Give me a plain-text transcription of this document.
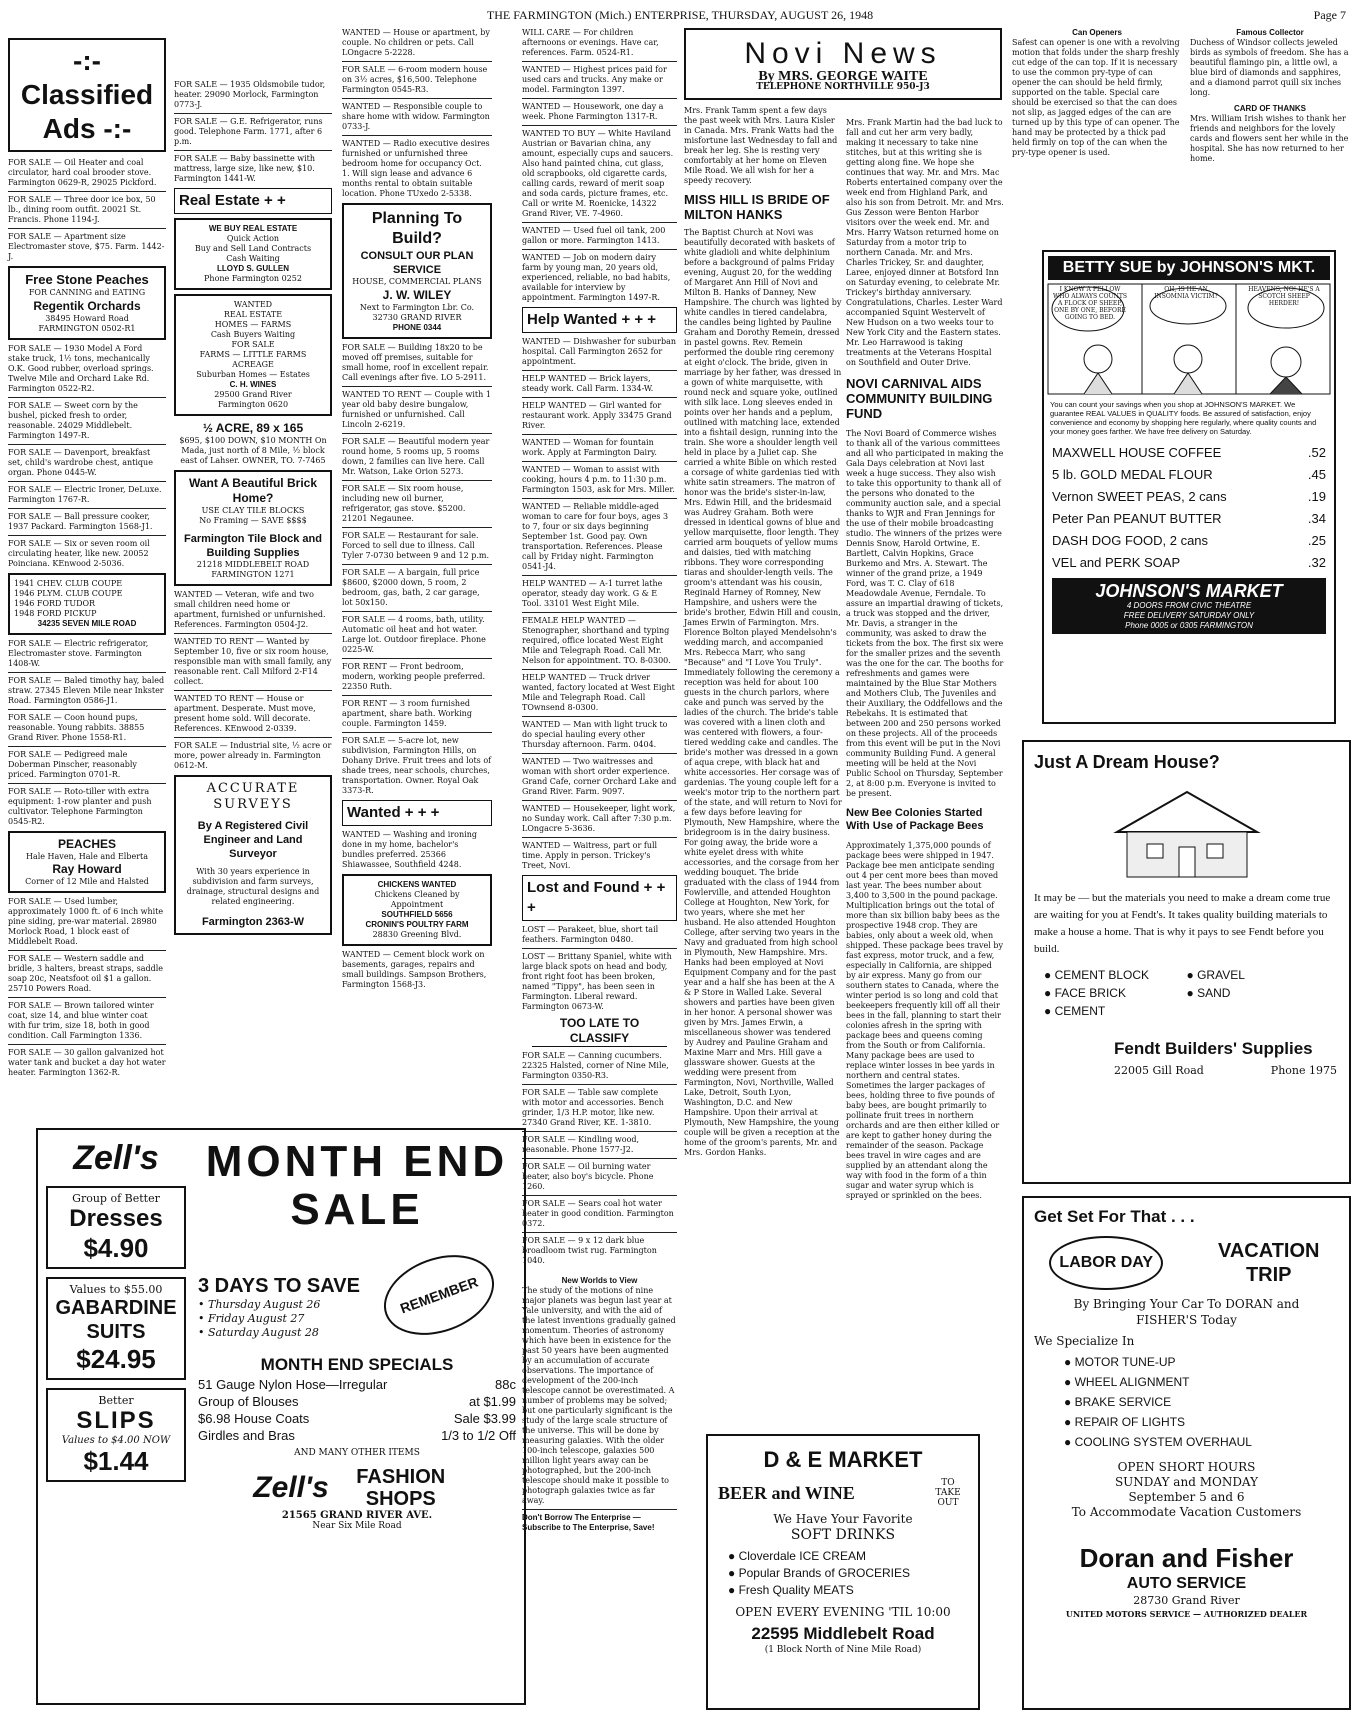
THE FARMINGTON (Mich.) ENTERPRISE, THURSDAY, AUGUST 26, 1948	Page 7
-:- Classified Ads -:-
FOR SALE — Oil Heater and coal circulator, hard coal brooder stove. Farmington 0629-R, 29025 Pickford.
FOR SALE — Three door ice box, 50 lb., dining room outfit. 20021 St. Francis. Phone 1194-J.
FOR SALE — Apartment size Electromaster stove, $75. Farm. 1442-J.
Free Stone Peaches
FOR CANNING and EATING
Regentik Orchards
38495 Howard Road
FARMINGTON 0502-R1
FOR SALE — 1930 Model A Ford stake truck, 1½ tons, mechanically O.K. Good rubber, overload springs. Twelve Mile and Orchard Lake Rd. Farmington 0522-R2.
FOR SALE — Sweet corn by the bushel, picked fresh to order, reasonable. 24029 Middlebelt. Farmington 1497-R.
FOR SALE — Davenport, breakfast set, child's wardrobe chest, antique organ. Phone 0445-W.
FOR SALE — Electric Ironer, DeLuxe. Farmington 1767-R.
FOR SALE — Ball pressure cooker, 1937 Packard. Farmington 1568-J1.
FOR SALE — Six or seven room oil circulating heater, like new. 20052 Poinciana. KEnwood 2-5036.
1941 CHEV. CLUB COUPE
1946 PLYM. CLUB COUPE
1946 FORD TUDOR
1948 FORD PICKUP
34235 SEVEN MILE ROAD
FOR SALE — Electric refrigerator, Electromaster stove. Farmington 1408-W.
FOR SALE — Baled timothy hay, baled straw. 27345 Eleven Mile near Inkster Road. Farmington 0586-J1.
FOR SALE — Coon hound pups, reasonable. Young rabbits. 38855 Grand River. Phone 1558-R1.
FOR SALE — Pedigreed male Doberman Pinscher, reasonably priced. Farmington 0701-R.
FOR SALE — Roto-tiller with extra equipment: 1-row planter and push cultivator. Telephone Farmington 0545-R2.
PEACHES
Hale Haven, Hale and Elberta
Ray Howard
Corner of 12 Mile and Halsted
FOR SALE — Used lumber, approximately 1000 ft. of 6 inch white pine siding, pre-war material. 28980 Morlock Road, 1 block east of Middlebelt Road.
FOR SALE — Western saddle and bridle, 3 halters, breast straps, saddle soap 20c, Neatsfoot oil $1 a gallon. 25710 Powers Road.
FOR SALE — Brown tailored winter coat, size 14, and blue winter coat with fur trim, size 18, both in good condition. Call Farmington 1336.
FOR SALE — 30 gallon galvanized hot water tank and bucket a day hot water heater. Farmington 1362-R.
FOR SALE — 1935 Oldsmobile tudor, heater. 29090 Morlock, Farmington 0773-J.
FOR SALE — G.E. Refrigerator, runs good. Telephone Farm. 1771, after 6 p.m.
FOR SALE — Baby bassinette with mattress, large size, like new, $10. Farmington 1441-W.
Real Estate + +
WE BUY REAL ESTATE
Quick Action
Buy and Sell Land Contracts
Cash Waiting
LLOYD S. GULLEN
Phone Farmington 0252
WANTED
REAL ESTATE
HOMES — FARMS
Cash Buyers Waiting
FOR SALE
FARMS — LITTLE FARMS
ACREAGE
Suburban Homes — Estates
C. H. WINES
29500 Grand River
Farmington 0620
½ ACRE, 89 x 165
$695, $100 DOWN, $10 MONTH On Mada, just north of 8 Mile, ½ block east of Lahser. OWNER, TO. 7-7465
Want A Beautiful Brick Home?
USE CLAY TILE BLOCKS
No Framing — SAVE $$$$
Farmington Tile Block and Building Supplies
21218 MIDDLEBELT ROAD
FARMINGTON 1271
WANTED — Veteran, wife and two small children need home or apartment, furnished or unfurnished. References. Farmington 0504-J2.
WANTED TO RENT — Wanted by September 10, five or six room house, responsible man with small family, any reasonable rent. Call Milford 2-F14 collect.
WANTED TO RENT — House or apartment. Desperate. Must move, present home sold. Will decorate. References. KEnwood 2-0339.
FOR SALE — Industrial site, ½ acre or more, power already in. Farmington 0612-M.
ACCURATE SURVEYS
By A Registered Civil Engineer and Land Surveyor
With 30 years experience in subdivision and farm surveys, drainage, structural designs and related engineering.
Farmington 2363-W
WANTED — House or apartment, by couple. No children or pets. Call LOngacre 5-2228.
FOR SALE — 6-room modern house on 3½ acres, $16,500. Telephone Farmington 0545-R3.
WANTED — Responsible couple to share home with widow. Farmington 0733-J.
WANTED — Radio executive desires furnished or unfurnished three bedroom home for occupancy Oct. 1. Will sign lease and advance 6 months rental to obtain suitable location. Phone TUxedo 2-5338.
Planning To Build?
CONSULT OUR PLAN SERVICE
HOUSE, COMMERCIAL PLANS
J. W. WILEY
Next to Farmington Lbr. Co. 32730 GRAND RIVER
PHONE 0344
FOR SALE — Building 18x20 to be moved off premises, suitable for small home, roof in excellent repair. Call evenings after five. LO 5-2911.
WANTED TO RENT — Couple with 1 year old baby desire bungalow, furnished or unfurnished. Call Lincoln 2-6219.
FOR SALE — Beautiful modern year round home, 5 rooms up, 5 rooms down, 2 families can live here. Call Mr. Watson, Lake Orion 5273.
FOR SALE — Six room house, including new oil burner, refrigerator, gas stove. $5200. 21201 Negaunee.
FOR SALE — Restaurant for sale. Forced to sell due to illness. Call Tyler 7-0730 between 9 and 12 p.m.
FOR SALE — A bargain, full price $8600, $2000 down, 5 room, 2 bedroom, gas, bath, 2 car garage, lot 50x150.
FOR SALE — 4 rooms, bath, utility. Automatic oil heat and hot water. Large lot. Outdoor fireplace. Phone 0225-W.
FOR RENT — Front bedroom, modern, working people preferred. 22350 Ruth.
FOR RENT — 3 room furnished apartment, share bath. Working couple. Farmington 1459.
FOR SALE — 5-acre lot, new subdivision, Farmington Hills, on Dohany Drive. Fruit trees and lots of shade trees, near schools, churches, transportation. Owner. Royal Oak 3373-R.
Wanted + + +
WANTED — Washing and ironing done in my home, bachelor's bundles preferred. 25366 Shiawassee, Southfield 4248.
CHICKENS WANTED
Chickens Cleaned by
Appointment
SOUTHFIELD 5656
CRONIN'S POULTRY FARM
28830 Greening Blvd.
WANTED — Cement block work on basements, garages, repairs and small buildings. Sampson Brothers, Farmington 1568-J3.
WILL CARE — For children afternoons or evenings. Have car, references. Farm. 0524-R1.
WANTED — Highest prices paid for used cars and trucks. Any make or model. Farmington 1397.
WANTED — Housework, one day a week. Phone Farmington 1317-R.
WANTED TO BUY — White Haviland Austrian or Bavarian china, any amount, especially cups and saucers. Also hand painted china, cut glass, old scrapbooks, old cigarette cards, calling cards, reward of merit soap and soda cards, picture frames, etc. Call or write M. Roenicke, 14322 Grand River, VE. 7-4960.
WANTED — Used fuel oil tank, 200 gallon or more. Farmington 1413.
WANTED — Job on modern dairy farm by young man, 20 years old, experienced, reliable, no bad habits, available for interview by appointment. Farmington 1497-R.
Help Wanted + + +
WANTED — Dishwasher for suburban hospital. Call Farmington 2652 for appointment.
HELP WANTED — Brick layers, steady work. Call Farm. 1334-W.
HELP WANTED — Girl wanted for restaurant work. Apply 33475 Grand River.
WANTED — Woman for fountain work. Apply at Farmington Dairy.
WANTED — Woman to assist with cooking, hours 4 p.m. to 11:30 p.m. Farmington 1503, ask for Mrs. Miller.
WANTED — Reliable middle-aged woman to care for four boys, ages 3 to 7, four or six days beginning September 1st. Good pay. Own transportation. References. Please call by Friday night. Farmington 0541-J4.
HELP WANTED — A-1 turret lathe operator, steady day work. G & E Tool. 33101 West Eight Mile.
FEMALE HELP WANTED — Stenographer, shorthand and typing required, office located West Eight Mile and Telegraph Road. Call Mr. Nelson for appointment. TO. 8-0300.
HELP WANTED — Truck driver wanted, factory located at West Eight Mile and Telegraph Road. Call TOwnsend 8-0300.
WANTED — Man with light truck to do special hauling every other Thursday afternoon. Farm. 0404.
WANTED — Two waitresses and woman with short order experience. Grand Cafe, corner Orchard Lake and Grand River. Farm. 9097.
WANTED — Housekeeper, light work, no Sunday work. Call after 7:30 p.m. LOngacre 5-3636.
WANTED — Waitress, part or full time. Apply in person. Trickey's Treet, Novi.
Lost and Found + + +
LOST — Parakeet, blue, short tail feathers. Farmington 0480.
LOST — Brittany Spaniel, white with large black spots on head and body, front right foot has been broken, named "Tippy", has been seen in Farmington. Liberal reward. Farmington 0673-W.
TOO LATE TO CLASSIFY
FOR SALE — Canning cucumbers. 22325 Halsted, corner of Nine Mile, Farmington 0350-R3.
FOR SALE — Table saw complete with motor and accessories. Bench grinder, 1/3 H.P. motor, like new. 27340 Grand River, KE. 1-3810.
FOR SALE — Kindling wood, reasonable. Phone 1577-J2.
FOR SALE — Oil burning water heater, also boy's bicycle. Phone 1260.
FOR SALE — Sears coal hot water heater in good condition. Farmington 0372.
FOR SALE — 9 x 12 dark blue broadloom twist rug. Farmington 1040.
New Worlds to View
The study of the motions of nine major planets was begun last year at Yale university, and with the aid of the latest inventions gradually gained momentum. Theories of astronomy which have been in existence for the past 50 years have been augmented by an accumulation of accurate observations. The importance of development of the 200-inch telescope cannot be overestimated. A number of problems may be solved; but one particularly significant is the study of the large scale structure of the universe. This will be done by measuring galaxies. With the older 100-inch telescope, galaxies 500 million light years away can be photographed, but the 200-inch telescope should make it possible to photograph galaxies twice as far away.
Don't Borrow The Enterprise —
Subscribe to The Enterprise, Save!
Novi News
By MRS. GEORGE WAITE
TELEPHONE NORTHVILLE 950-J3
Mrs. Frank Tamm spent a few days the past week with Mrs. Laura Kisler in Canada. Mrs. Frank Watts had the misfortune last Wednesday to fall and break her leg. She is resting very comfortably at her home on Eleven Mile Road. We all wish for her a speedy recovery.
MISS HILL IS BRIDE OF MILTON HANKS
The Baptist Church at Novi was beautifully decorated with baskets of white gladioli and white delphinium before a background of palms Friday evening, August 20, for the wedding of Margaret Ann Hill of Novi and Milton B. Hanks of Danney, New Hampshire. The church was lighted by white candles in tiered candelabra, the candles being lighted by Pauline Graham and Dorothy Remein, dressed in pastel gowns. Rev. Remein performed the double ring ceremony at eight o'clock. The bride, given in marriage by her father, was dressed in a gown of white marquisette, with round neck and square yoke, outlined with silk lace. Long sleeves ended in points over her hands and a peplum, outlined with matching lace, extended into a fishtail design, running into the train. She wore a shoulder length veil held in place by a Juliet cap. She carried a white Bible on which rested a corsage of white gardenias tied with white satin streamers. The matron of honor was the bride's sister-in-law, Mrs. Edwin Hill, and the bridesmaid was Audrey Graham. Both were dressed in identical gowns of blue and yellow marquisette, floor length. They carried arm bouquets of yellow mums and daisies, tied with matching ribbons. They wore corresponding tiaras and shoulder-length veils. The groom's attendant was his cousin, Reginald Harney of Romney, New Hampshire, and ushers were the bride's brother, Edwin Hill and cousin, James Erwin of Farmington. Mrs. Florence Bolton played Mendelsohn's wedding march, and accompanied Mrs. Rebecca Marr, who sang "Because" and "I Love You Truly". Immediately following the ceremony a reception was held for about 100 guests in the church parlors, where cake and punch was served by the ladies of the church. The bride's table was covered with a linen cloth and was centered with flowers, a four-tiered wedding cake and candles. The bride's mother was dressed in a gown of aqua crepe, with black hat and white accessories. Her corsage was of gardenias. The young couple left for a week's motor trip to the northern part of the state, and will return to Novi for a few days before leaving for Plymouth, New Hampshire, where the bridegroom is in the dairy business. For going away, the bride wore a white eyelet dress with white accessories, and the corsage from her wedding bouquet. The bride graduated with the class of 1944 from Fowlerville, and attended Houghton College at Houghton, New York, for two years, where she met her husband. He also attended Houghton College, after serving two years in the Navy and graduated from high school in Plymouth, New Hampshire. Mrs. Hanks had been employed at Novi Equipment Company and for the past year and a half she has been at the A & P Store in Walled Lake. Several showers and parties have been given in her honor. A personal shower was given by Mrs. James Erwin, a miscellaneous shower was tendered by Audrey and Pauline Graham and Maxine Marr and Mrs. Hill gave a glassware shower. Guests at the wedding were present from Farmington, Novi, Northville, Walled Lake, Detroit, South Lyon, Washington, D.C. and New Hampshire. Upon their arrival at Plymouth, New Hampshire, the young couple will be given a reception at the home of the groom's parents, Mr. and Mrs. Gordon Hanks.
Mrs. Frank Martin had the bad luck to fall and cut her arm very badly, making it necessary to take nine stitches, but at this writing she is getting along fine. We hope she continues that way. Mr. and Mrs. Mac Roberts entertained company over the week end from Highland Park, and also his son from Detroit. Mr. and Mrs. Gus Zesson were Benton Harbor visitors over the week end. Mr. and Mrs. Harry Watson returned home on Saturday from a motor trip to northern Canada. Mr. and Mrs. Charles Trickey, Sr. and daughter, Laree, enjoyed dinner at Botsford Inn on Saturday evening, to celebrate Mr. Trickey's birthday anniversary. Congratulations, Charles. Lester Ward accompanied Squint Westervelt of New Hudson on a two weeks tour to New York City and the Eastern states. Mr. Leo Harrawood is taking treatments at the Veterans Hospital on Southfield and Outer Drive.
NOVI CARNIVAL AIDS COMMUNITY BUILDING FUND
The Novi Board of Commerce wishes to thank all of the various committees and all who participated in making the Gala Days celebration at Novi last week a huge success. They also wish to take this opportunity to thank all of the persons who donated to the community auction sale, and a special thanks to WJR and Fran Jennings for the use of their mobile broadcasting studio. The winners of the prizes were Dennis Snow, Harold Ortwine, E. Bartlett, Calvin Hopkins, Grace Burkemo and Mrs. A. Stewart. The winner of the grand prize, a 1949 Ford, was T. C. Clay of 618 Meadowdale Avenue, Ferndale. To assure an impartial drawing of tickets, a truck was stopped and the driver, Mr. Davis, a stranger in the community, was asked to draw the tickets from the box. The first six were for the smaller prizes and the seventh was the one for the car. The booths for refreshments and games were maintained by the Blue Star Mothers and Mothers Club, The Juveniles and their Auxiliary, the Oddfellows and the Rebekahs. It is estimated that between 200 and 250 persons worked on these projects. All of the proceeds from this event will be put in the Novi community Building Fund. A general meeting will be held at the Novi Public School on Thursday, September 2, at 8:00 p.m. Everyone is invited to be present.
New Bee Colonies Started With Use of Package Bees
Approximately 1,375,000 pounds of package bees were shipped in 1947. Package bee men anticipate sending out 4 per cent more bees than moved last year. The bees number about 3,400 to 3,500 in the pound package. Multiplication brings out the total of more than six billion baby bees as the prospective 1948 crop. They are babies, only about a week old, when shipped. These package bees travel by fast express, motor truck, and a few, especially in California, are shipped by air express. Many go from our southern states to Canada, where the winter period is so long and cold that beekeepers frequently kill off all their bees in the fall, planning to start their colonies afresh in the spring with package bees and queens coming from the South or from California. Many package bees are used to replace winter losses in bee yards in northern and central states. Sometimes the larger packages of bees, holding three to five pounds of baby bees, are bought primarily to pollinate fruit trees in northern orchards and are then either killed or are kept to gather honey during the remainder of the season. Package bees travel in wire cages and are supplied by an attendant along the way with food in the form of a thin sugar and water syrup which is sprayed or sprinkled on the bees.
Can Openers
Safest can opener is one with a revolving motion that folds under the sharp freshly cut edge of the can top. If it is necessary to use the common pry-type of can opener the can should be held firmly, supported on the table. Special care should be exercised so that the can does not slip, as jagged edges of the can are turned up by this type of can opener. The hand may be protected by a thick pad held firmly on top of the can when the pry-type opener is used.
Famous Collector
Duchess of Windsor collects jeweled birds as symbols of freedom. She has a beautiful flamingo pin, a little owl, a blue bird of diamonds and sapphires, and a diamond parrot quill six inches long.
CARD OF THANKS
Mrs. William Irish wishes to thank her friends and neighbors for the lovely cards and flowers sent her while in the hospital. She has now returned to her home.
BETTY SUE by JOHNSON'S MKT.
I KNOW A FELLOW WHO ALWAYS COUNTS A FLOCK OF SHEEP, ONE BY ONE, BEFORE GOING TO BED.
OH, IS HE AN INSOMNIA VICTIM?
HEAVENS, NO! HE'S A SCOTCH SHEEP HERDER!
You can count your savings when you shop at JOHNSON'S MARKET. We guarantee REAL VALUES in QUALITY foods. Be assured of satisfaction, enjoy convenience and economy by shopping here regularly, where quality counts and your money goes farther. We have free delivery on Saturday.
MAXWELL HOUSE COFFEE	.52
5 lb. GOLD MEDAL FLOUR	.45
Vernon SWEET PEAS, 2 cans	.19
Peter Pan PEANUT BUTTER	.34
DASH DOG FOOD, 2 cans	.25
VEL and PERK SOAP	.32
JOHNSON'S MARKET
4 DOORS FROM CIVIC THEATRE
FREE DELIVERY SATURDAY ONLY
Phone 0005 or 0305 FARMINGTON
Just A Dream House?
It may be — but the materials you need to make a dream come true are waiting for you at Fendt's. It takes quality building materials to make a house a home. That is why it pays to see Fendt before you build.
● CEMENT BLOCK	● GRAVEL
● FACE BRICK	● SAND
● CEMENT
Fendt Builders' Supplies
22005 Gill Road	Phone 1975
Get Set For That . . .
LABOR DAY
VACATION TRIP
By Bringing Your Car To DORAN and FISHER'S Today
We Specialize In
● MOTOR TUNE-UP
● WHEEL ALIGNMENT
● BRAKE SERVICE
● REPAIR OF LIGHTS
● COOLING SYSTEM OVERHAUL
OPEN SHORT HOURS
SUNDAY and MONDAY
September 5 and 6
To Accommodate Vacation Customers
Doran and Fisher
AUTO SERVICE
28730 Grand River
UNITED MOTORS SERVICE — AUTHORIZED DEALER
Zell's
Group of Better
Dresses
$4.90
Values to $55.00
GABARDINE SUITS
$24.95
Better
SLIPS
Values to $4.00 NOW
$1.44
MONTH END SALE
3 DAYS TO SAVE
• Thursday August 26
• Friday August 27
• Saturday August 28
REMEMBER
MONTH END SPECIALS
51 Gauge Nylon Hose—Irregular	88c
Group of Blouses	at $1.99
$6.98 House Coats	Sale $3.99
Girdles and Bras	1/3 to 1/2 Off
AND MANY OTHER ITEMS
Zell's	FASHION SHOPS
21565 GRAND RIVER AVE.
Near Six Mile Road
D & E MARKET
BEER and WINE	TO TAKE OUT
We Have Your Favorite
SOFT DRINKS
● Cloverdale ICE CREAM
● Popular Brands of GROCERIES
● Fresh Quality MEATS
OPEN EVERY EVENING 'TIL 10:00
22595 Middlebelt Road
(1 Block North of Nine Mile Road)
